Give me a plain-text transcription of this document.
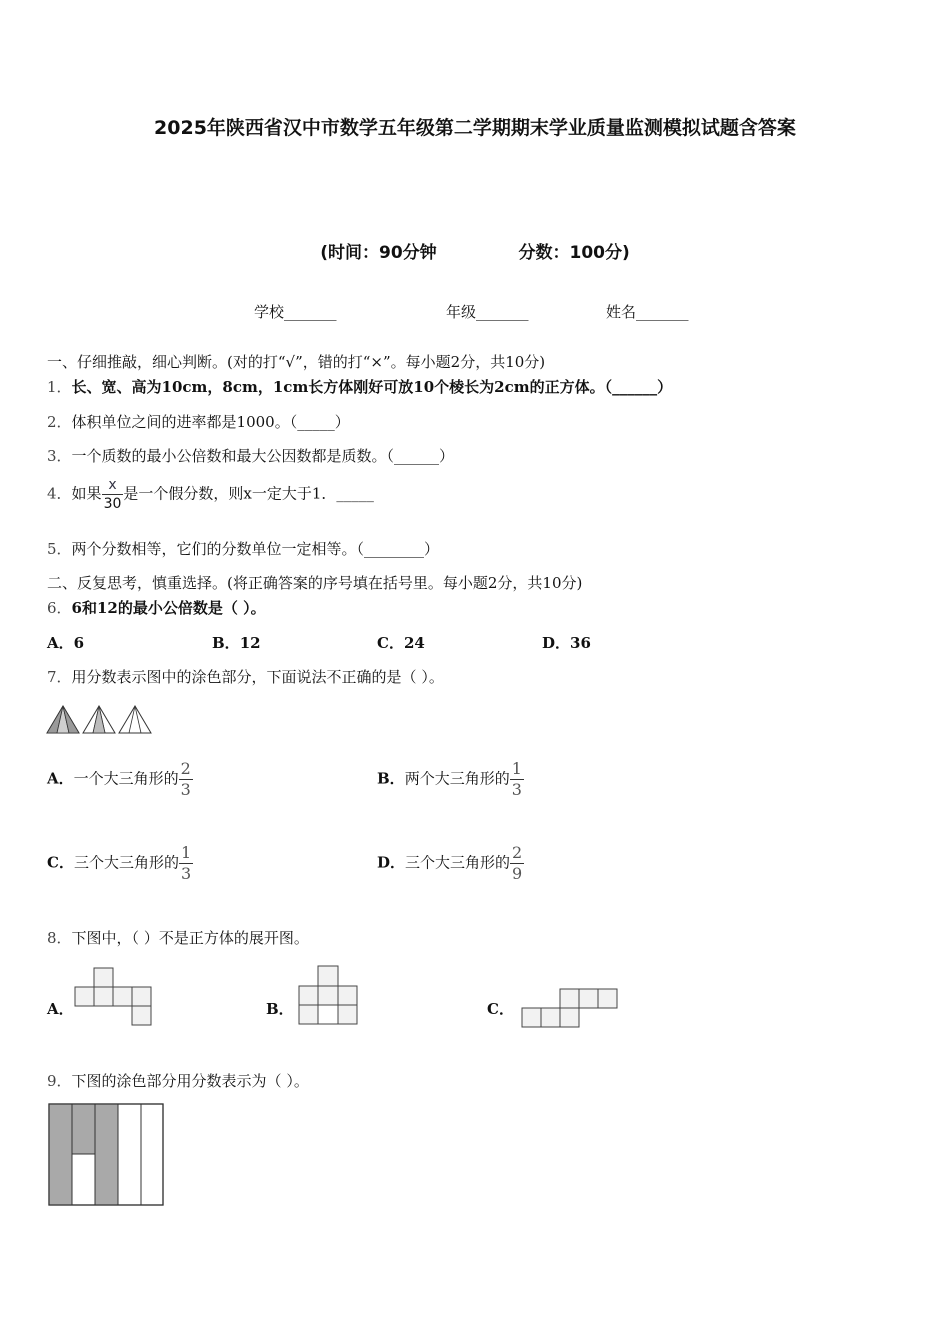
2025年陕西省汉中市数学五年级第二学期期末学业质量监测模拟试题含答案
(时间：90分钟	分数：100分)
学校_______	年级_______	姓名_______
一、仔细推敲，细心判断。(对的打“√”，错的打“×”。每小题2分，共10分)
1．长、宽、高为10cm，8cm，1cm长方体刚好可放10个棱长为2cm的正方体。（______）
2．体积单位之间的进率都是1000。（_____）
3．一个质数的最小公倍数和最大公因数都是质数。（______）
4．如果 $\frac{x}{30}$ 是一个假分数，则x一定大于1．_____
5．两个分数相等，它们的分数单位一定相等。（________）
二、反复思考，慎重选择。(将正确答案的序号填在括号里。每小题2分，共10分)
6．6和12的最小公倍数是（ ）。
A．6	B．12	C．24	D．36
7．用分数表示图中的涂色部分，下面说法不正确的是（ ）。
A．一个大三角形的 $\frac{2}{3}$	B．两个大三角形的 $\frac{1}{3}$
C．三个大三角形的 $\frac{1}{3}$	D．三个大三角形的 $\frac{2}{9}$
8．下图中，（ ）不是正方体的展开图。
A．	B．	C．
9．下图的涂色部分用分数表示为（ ）。
